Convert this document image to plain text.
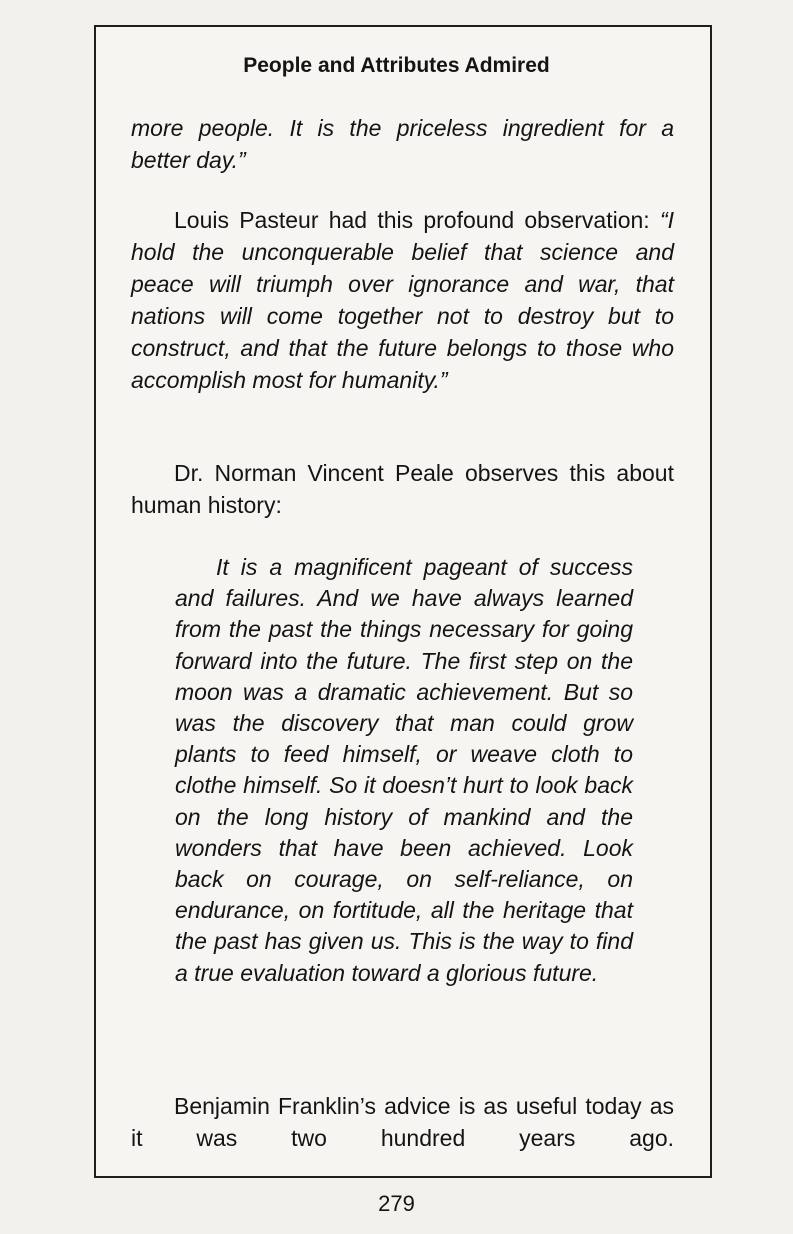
People and Attributes Admired

more people. It is the priceless ingredient for a

better day.”

Louis Pasteur had this profound observation: “I hold the unconquerable belief that science and peace will triumph over ignorance and war, that nations will come together not to destroy but to construct, and that the future belongs to those who accomplish most for humanity.”

Dr. Norman Vincent Peale observes this about human history:

It is a magnificent pageant of success and failures. And we have always learned from the past the things necessary for going forward into the future. The first step on the moon was a dramatic achievement. But so was the discovery that man could grow plants to feed himself, or weave cloth to clothe himself. So it doesn’t hurt to look back on the long history of mankind and the wonders that have been achieved. Look back on courage, on self-reliance, on endurance, on fortitude, all the heritage that the past has given us. This is the way to find a true evaluation toward a glorious future.

Benjamin Franklin’s advice is as useful today as it was two hundred years ago.

279
